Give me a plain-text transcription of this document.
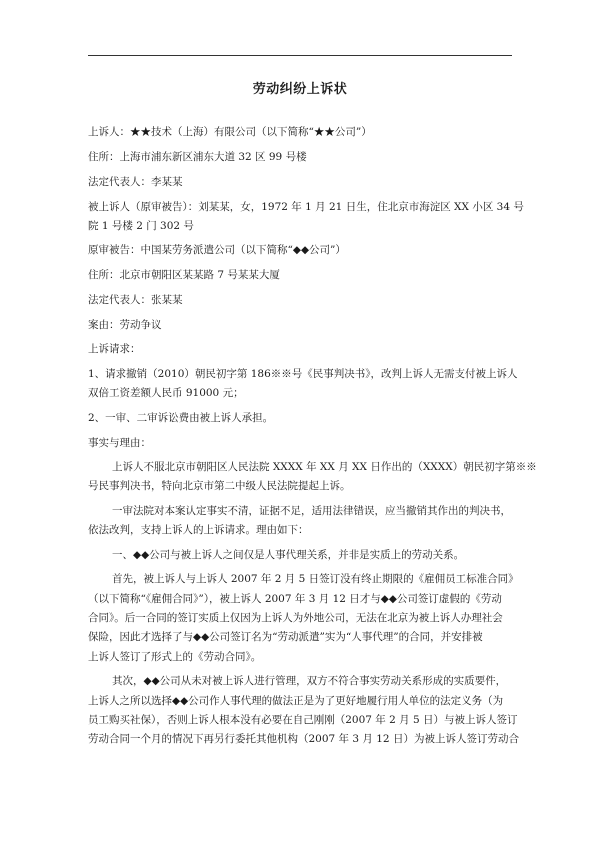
劳动纠纷上诉状
上诉人：★★技术（上海）有限公司（以下简称“★★公司”）
住所：上海市浦东新区浦东大道 32 区 99 号楼
法定代表人：李某某
被上诉人（原审被告）：刘某某，女，1972 年 1 月 21 日生，住北京市海淀区 XX 小区 34 号
院 1 号楼 2 门 302 号
原审被告：中国某劳务派遣公司（以下简称“◆◆公司”）
住所：北京市朝阳区某某路 7 号某某大厦
法定代表人：张某某
案由：劳动争议
上诉请求：
1、请求撤销（2010）朝民初字第 186※※号《民事判决书》，改判上诉人无需支付被上诉人
双倍工资差额人民币 91000 元；
2、一审、二审诉讼费由被上诉人承担。
事实与理由：
上诉人不服北京市朝阳区人民法院 XXXX 年 XX 月 XX 日作出的（XXXX）朝民初字第※※
号民事判决书，特向北京市第二中级人民法院提起上诉。
一审法院对本案认定事实不清，证据不足，适用法律错误，应当撤销其作出的判决书，
依法改判，支持上诉人的上诉请求。理由如下：
一、◆◆公司与被上诉人之间仅是人事代理关系，并非是实质上的劳动关系。
首先，被上诉人与上诉人 2007 年 2 月 5 日签订没有终止期限的《雇佣员工标准合同》
（以下简称“《雇佣合同》”），被上诉人 2007 年 3 月 12 日才与◆◆公司签订虚假的《劳动
合同》。后一合同的签订实质上仅因为上诉人为外地公司，无法在北京为被上诉人办理社会
保险，因此才选择了与◆◆公司签订名为“劳动派遣”实为“人事代理”的合同，并安排被
上诉人签订了形式上的《劳动合同》。
其次，◆◆公司从未对被上诉人进行管理，双方不符合事实劳动关系形成的实质要件，
上诉人之所以选择◆◆公司作人事代理的做法正是为了更好地履行用人单位的法定义务（为
员工购买社保），否则上诉人根本没有必要在自己刚刚（2007 年 2 月 5 日）与被上诉人签订
劳动合同一个月的情况下再另行委托其他机构（2007 年 3 月 12 日）为被上诉人签订劳动合
